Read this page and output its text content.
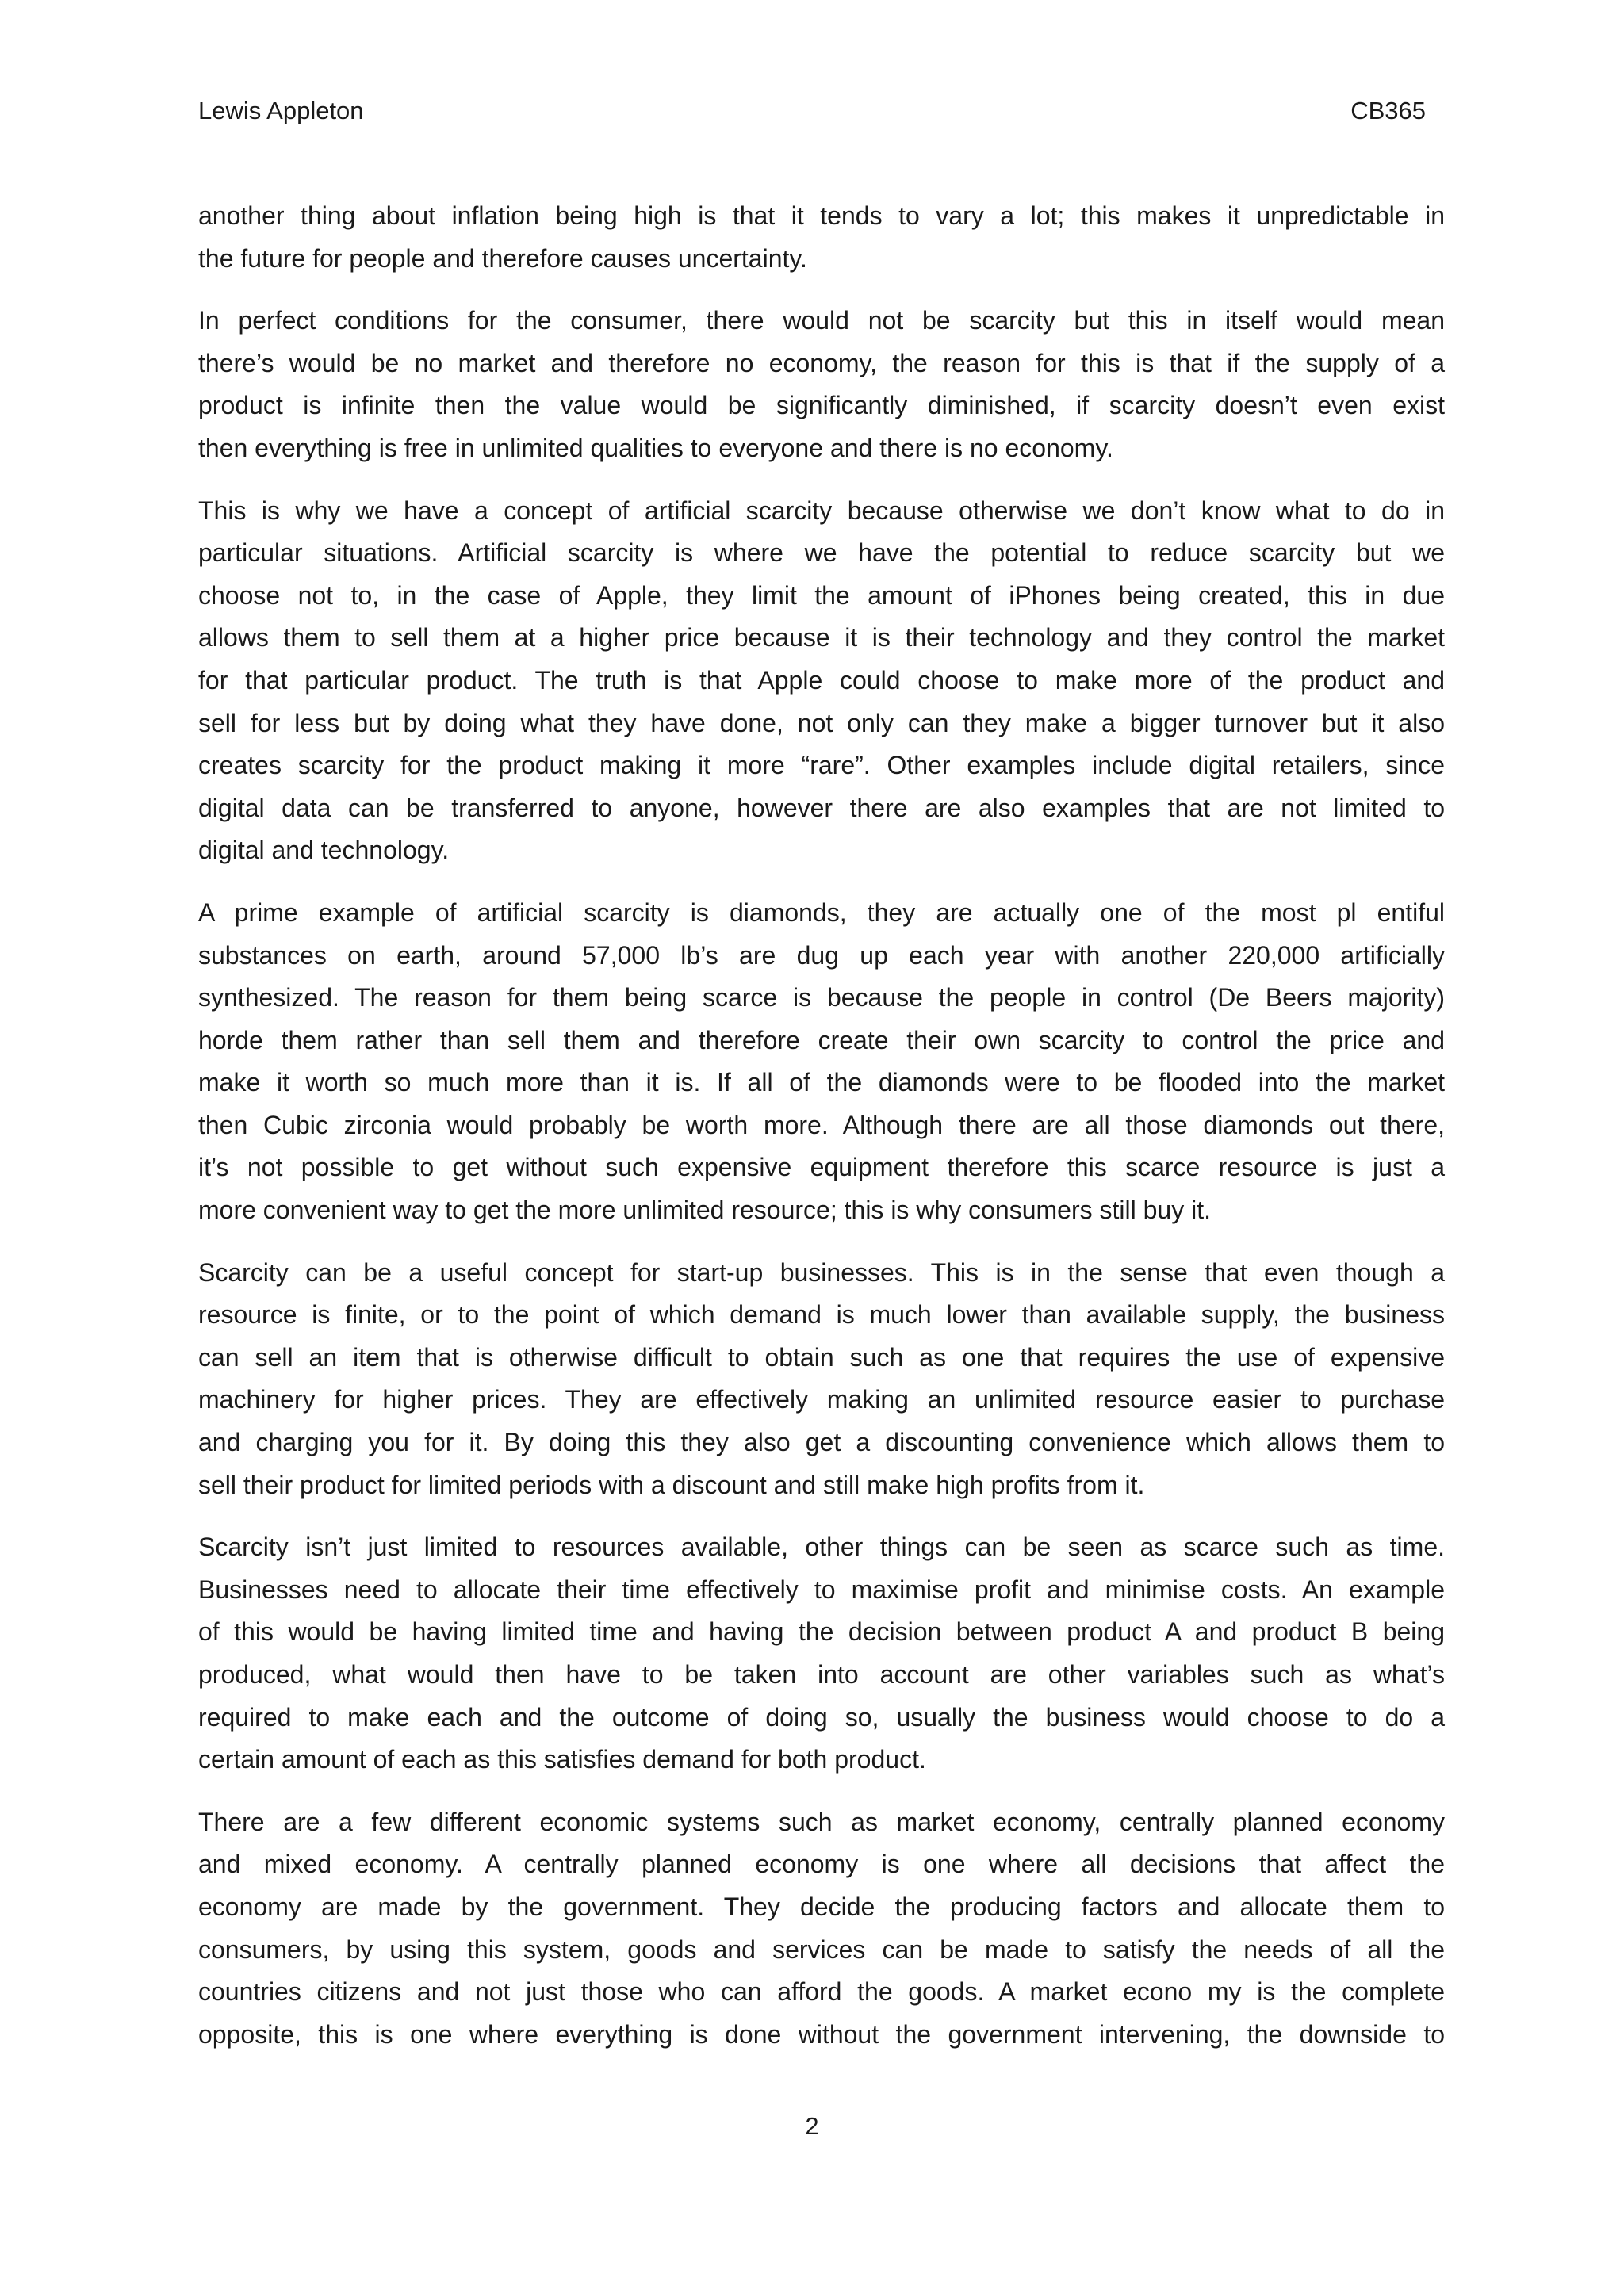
Lewis Appleton	CB365

another thing about inflation being high is that it tends to vary a lot; this makes it unpredictable in
the future for people and therefore causes uncertainty.

In perfect conditions for the consumer, there would not be scarcity but this in itself would mean
there’s would be no market and therefore no economy, the reason for this is that if the supply of a
product is infinite then the value would be significantly diminished, if scarcity doesn’t even exist
then everything is free in unlimited qualities to everyone and there is no economy.

This is why we have a concept of artificial scarcity because otherwise we don’t know what to do in
particular situations. Artificial scarcity is where we have the potential to reduce scarcity but we
choose not to, in the case of Apple, they limit the amount of iPhones being created, this in due
allows them to sell them at a higher price because it is their technology and they control the market
for that particular product. The truth is that Apple could choose to make more of the product and
sell for less but by doing what they have done, not only can they make a bigger turnover but it also
creates scarcity for the product making it more “rare”. Other examples include digital retailers, since
digital data can be transferred to anyone, however there are also examples that are not limited to
digital and technology.

A prime example of artificial scarcity is diamonds, they are actually one of the most pl entiful
substances on earth, around 57,000 lb’s are dug up each year with another 220,000 artificially
synthesized. The reason for them being scarce is because the people in control (De Beers majority)
horde them rather than sell them and therefore create their own scarcity to control the price and
make it worth so much more than it is. If all of the diamonds were to be flooded into the market
then Cubic zirconia would probably be worth more. Although there are all those diamonds out there,
it’s not possible to get without such expensive equipment therefore this scarce resource is just a
more convenient way to get the more unlimited resource; this is why consumers still buy it.

Scarcity can be a useful concept for start-up businesses. This is in the sense that even though a
resource is finite, or to the point of which demand is much lower than available supply, the business
can sell an item that is otherwise difficult to obtain such as one that requires the use of expensive
machinery for higher prices. They are effectively making an unlimited resource easier to purchase
and charging you for it. By doing this they also get a discounting convenience which allows them to
sell their product for limited periods with a discount and still make high profits from it.

Scarcity isn’t just limited to resources available, other things can be seen as scarce such as time.
Businesses need to allocate their time effectively to maximise profit and minimise costs. An example
of this would be having limited time and having the decision between product A and product B being
produced, what would then have to be taken into account are other variables such as what’s
required to make each and the outcome of doing so, usually the business would choose to do a
certain amount of each as this satisfies demand for both product.

There are a few different economic systems such as market economy, centrally planned economy
and mixed economy. A centrally planned economy is one where all decisions that affect the
economy are made by the government. They decide the producing factors and allocate them to
consumers, by using this system, goods and services can be made to satisfy the needs of all the
countries citizens and not just those who can afford the goods. A market econo my is the complete
opposite, this is one where everything is done without the government intervening, the downside to

2
